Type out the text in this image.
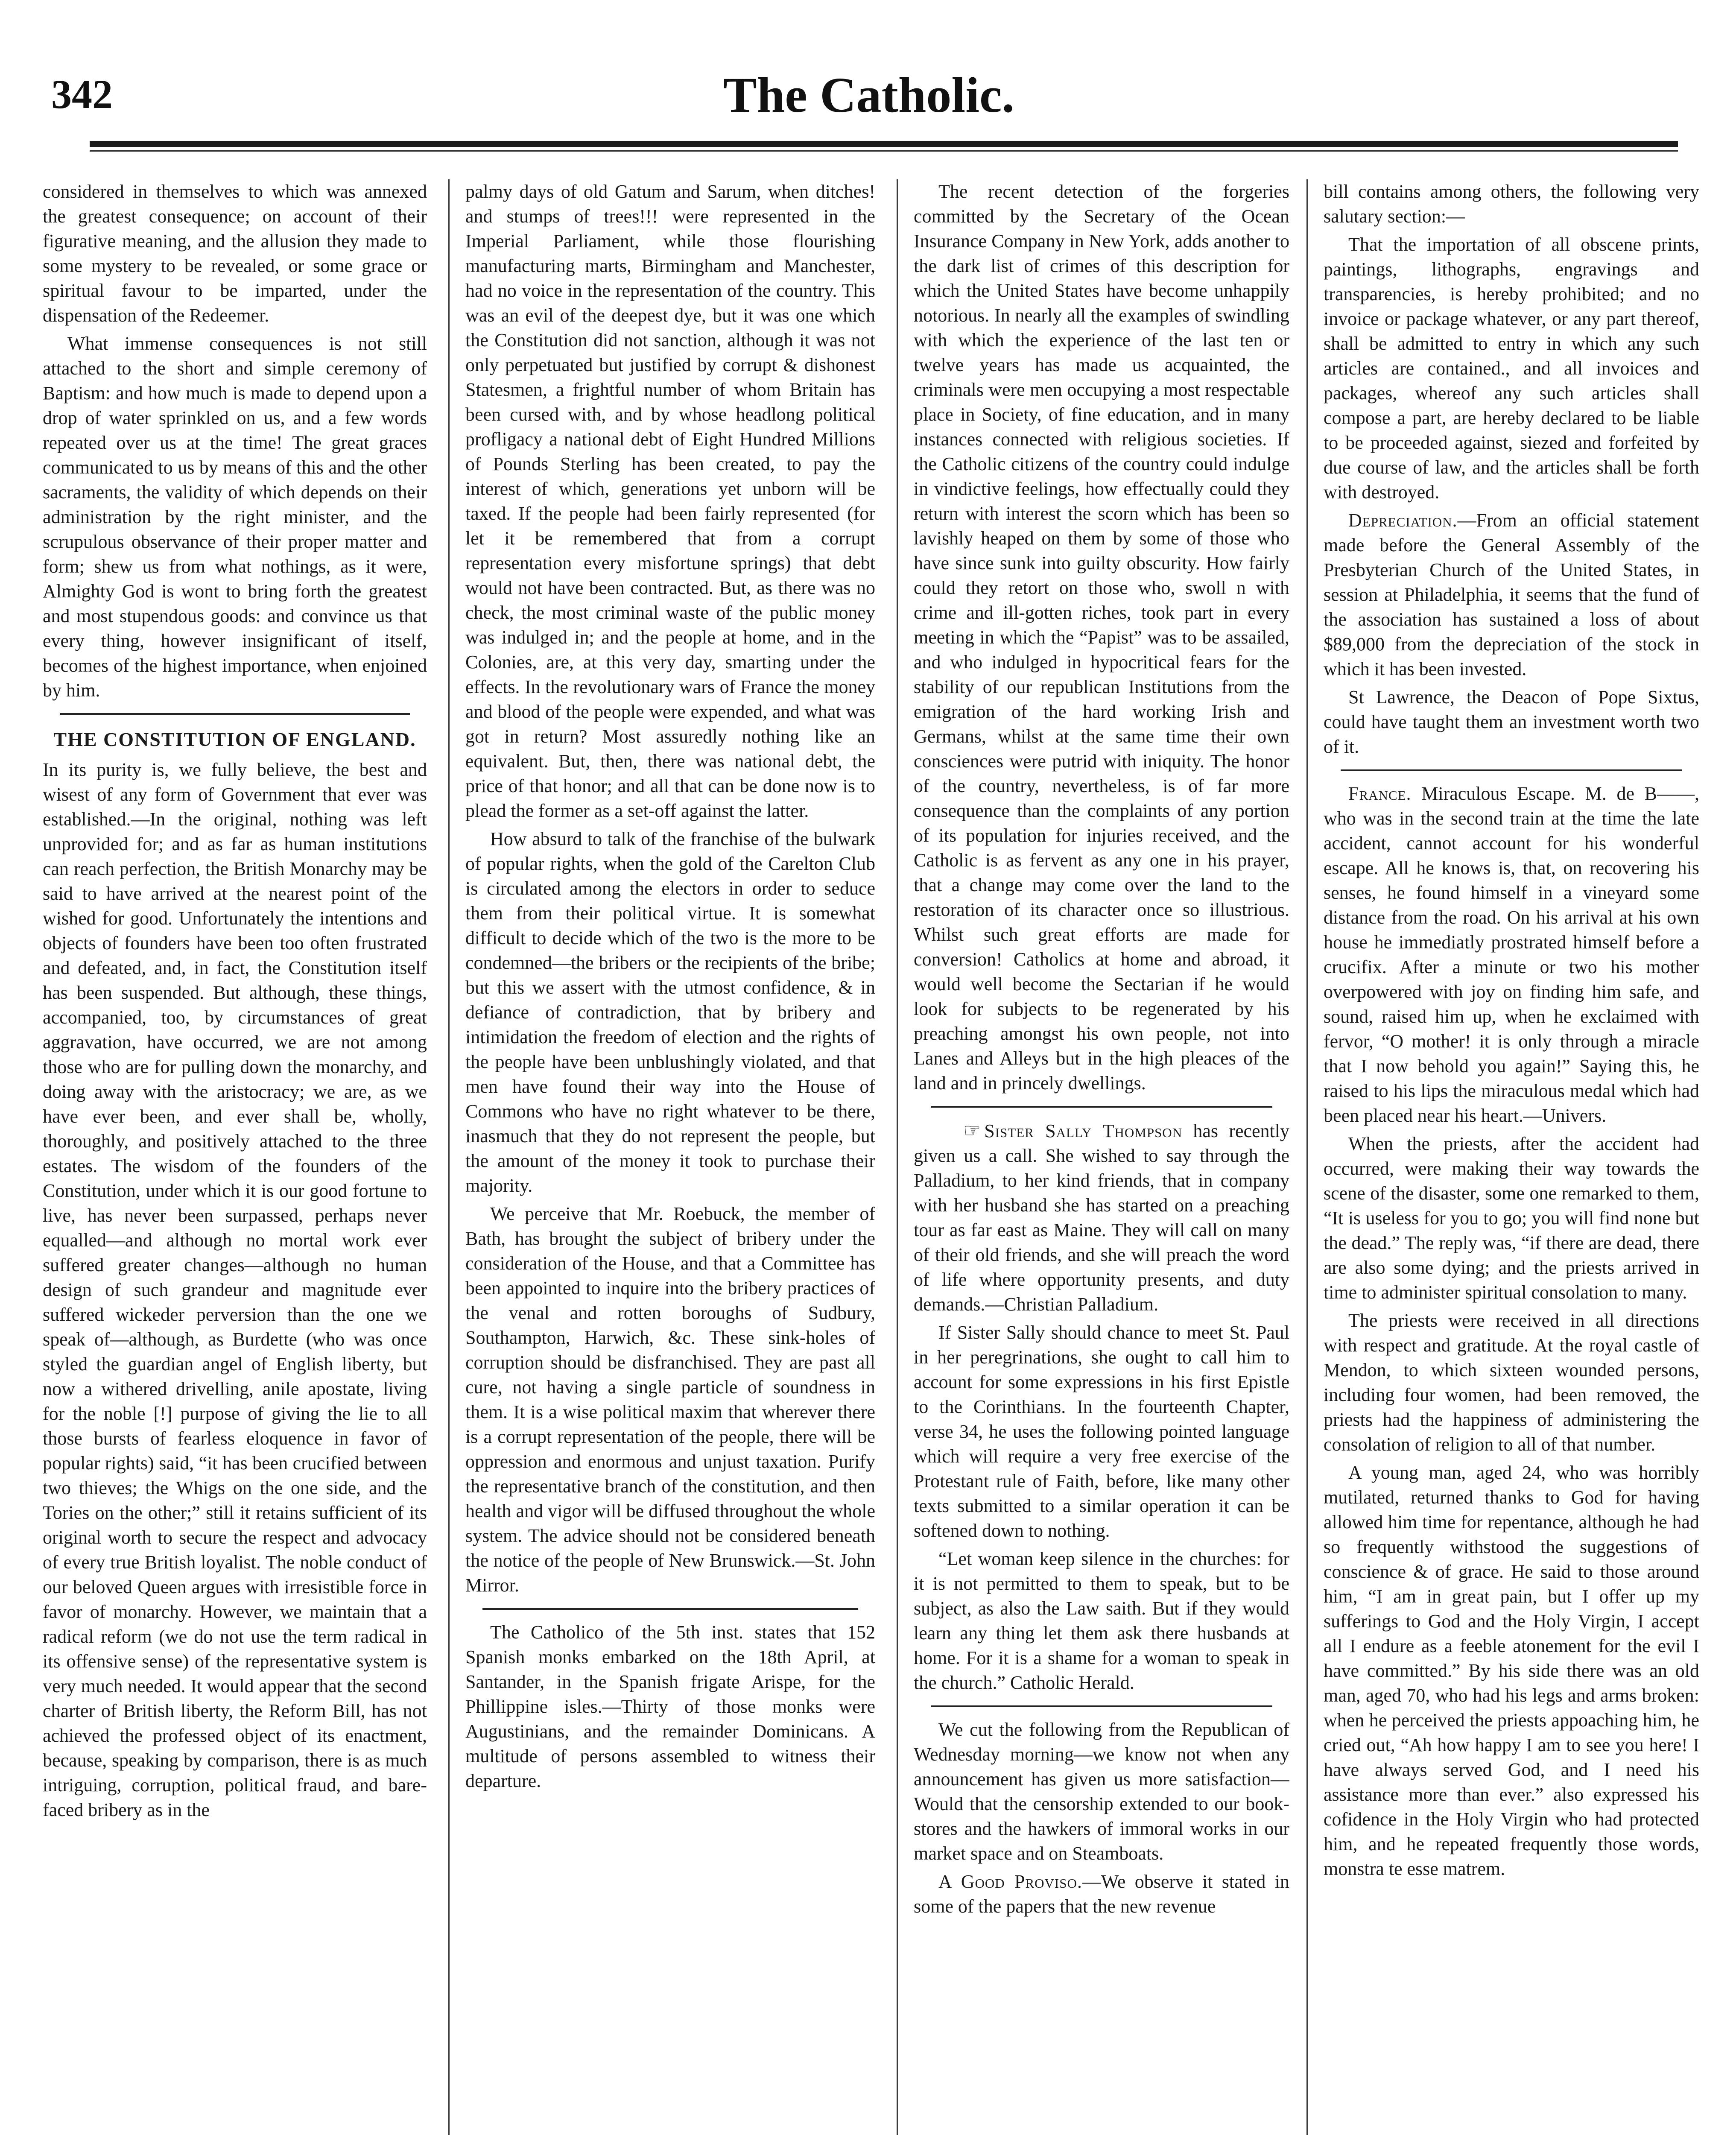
342	The Catholic.

considered in themselves to which was annexed the greatest consequence; on account of their figurative meaning, and the allusion they made to some mystery to be revealed, or some grace or spiritual favour to be imparted, under the dispensation of the Redeemer.

What immense consequences is not still attached to the short and simple ceremony of Baptism: and how much is made to depend upon a drop of water sprinkled on us, and a few words repeated over us at the time! The great graces communicated to us by means of this and the other sacraments, the validity of which depends on their administration by the right minister, and the scrupulous observance of their proper matter and form; shew us from what nothings, as it were, Almighty God is wont to bring forth the greatest and most stupendous goods: and convince us that every thing, however insignificant of itself, becomes of the highest importance, when enjoined by him.

THE CONSTITUTION OF ENGLAND.

In its purity is, we fully believe, the best and wisest of any form of Government that ever was established.—In the original, nothing was left unprovided for; and as far as human institutions can reach perfection, the British Monarchy may be said to have arrived at the nearest point of the wished for good. Unfortunately the intentions and objects of founders have been too often frustrated and defeated, and, in fact, the Constitution itself has been suspended. But although, these things, accompanied, too, by circumstances of great aggravation, have occurred, we are not among those who are for pulling down the monarchy, and doing away with the aristocracy; we are, as we have ever been, and ever shall be, wholly, thoroughly, and positively attached to the three estates. The wisdom of the founders of the Constitution, under which it is our good fortune to live, has never been surpassed, perhaps never equalled—and although no mortal work ever suffered greater changes—although no human design of such grandeur and magnitude ever suffered wickeder perversion than the one we speak of—although, as Burdette (who was once styled the guardian angel of English liberty, but now a withered drivelling, anile apostate, living for the noble [!] purpose of giving the lie to all those bursts of fearless eloquence in favor of popular rights) said, “it has been crucified between two thieves; the Whigs on the one side, and the Tories on the other;” still it retains sufficient of its original worth to secure the respect and advocacy of every true British loyalist. The noble conduct of our beloved Queen argues with irresistible force in favor of monarchy. However, we maintain that a radical reform (we do not use the term radical in its offensive sense) of the representative system is very much needed. It would appear that the second charter of British liberty, the Reform Bill, has not achieved the professed object of its enactment, because, speaking by comparison, there is as much intriguing, corruption, political fraud, and bare-faced bribery as in the

palmy days of old Gatum and Sarum, when ditches! and stumps of trees!!! were represented in the Imperial Parliament, while those flourishing manufacturing marts, Birmingham and Manchester, had no voice in the representation of the country. This was an evil of the deepest dye, but it was one which the Constitution did not sanction, although it was not only perpetuated but justified by corrupt & dishonest Statesmen, a frightful number of whom Britain has been cursed with, and by whose headlong political profligacy a national debt of Eight Hundred Millions of Pounds Sterling has been created, to pay the interest of which, generations yet unborn will be taxed. If the people had been fairly represented (for let it be remembered that from a corrupt representation every misfortune springs) that debt would not have been contracted. But, as there was no check, the most criminal waste of the public money was indulged in; and the people at home, and in the Colonies, are, at this very day, smarting under the effects. In the revolutionary wars of France the money and blood of the people were expended, and what was got in return? Most assuredly nothing like an equivalent. But, then, there was national debt, the price of that honor; and all that can be done now is to plead the former as a set-off against the latter.

How absurd to talk of the franchise of the bulwark of popular rights, when the gold of the Carelton Club is circulated among the electors in order to seduce them from their political virtue. It is somewhat difficult to decide which of the two is the more to be condemned—the bribers or the recipients of the bribe; but this we assert with the utmost confidence, & in defiance of contradiction, that by bribery and intimidation the freedom of election and the rights of the people have been unblushingly violated, and that men have found their way into the House of Commons who have no right whatever to be there, inasmuch that they do not represent the people, but the amount of the money it took to purchase their majority.

We perceive that Mr. Roebuck, the member of Bath, has brought the subject of bribery under the consideration of the House, and that a Committee has been appointed to inquire into the bribery practices of the venal and rotten boroughs of Sudbury, Southampton, Harwich, &c. These sink-holes of corruption should be disfranchised. They are past all cure, not having a single particle of soundness in them. It is a wise political maxim that wherever there is a corrupt representation of the people, there will be oppression and enormous and unjust taxation. Purify the representative branch of the constitution, and then health and vigor will be diffused throughout the whole system. The advice should not be considered beneath the notice of the people of New Brunswick.—St. John Mirror.

The Catholico of the 5th inst. states that 152 Spanish monks embarked on the 18th April, at Santander, in the Spanish frigate Arispe, for the Phillippine isles.—Thirty of those monks were Augustinians, and the remainder Dominicans. A multitude of persons assembled to witness their departure.

The recent detection of the forgeries committed by the Secretary of the Ocean Insurance Company in New York, adds another to the dark list of crimes of this description for which the United States have become unhappily notorious. In nearly all the examples of swindling with which the experience of the last ten or twelve years has made us acquainted, the criminals were men occupying a most respectable place in Society, of fine education, and in many instances connected with religious societies. If the Catholic citizens of the country could indulge in vindictive feelings, how effectually could they return with interest the scorn which has been so lavishly heaped on them by some of those who have since sunk into guilty obscurity. How fairly could they retort on those who, swoll n with crime and ill-gotten riches, took part in every meeting in which the “Papist” was to be assailed, and who indulged in hypocritical fears for the stability of our republican Institutions from the emigration of the hard working Irish and Germans, whilst at the same time their own consciences were putrid with iniquity. The honor of the country, nevertheless, is of far more consequence than the complaints of any portion of its population for injuries received, and the Catholic is as fervent as any one in his prayer, that a change may come over the land to the restoration of its character once so illustrious. Whilst such great efforts are made for conversion! Catholics at home and abroad, it would well become the Sectarian if he would look for subjects to be regenerated by his preaching amongst his own people, not into Lanes and Alleys but in the high pleaces of the land and in princely dwellings.

☞ Sister Sally Thompson has recently given us a call. She wished to say through the Palladium, to her kind friends, that in company with her husband she has started on a preaching tour as far east as Maine. They will call on many of their old friends, and she will preach the word of life where opportunity presents, and duty demands.—Christian Palladium.

If Sister Sally should chance to meet St. Paul in her peregrinations, she ought to call him to account for some expressions in his first Epistle to the Corinthians. In the fourteenth Chapter, verse 34, he uses the following pointed language which will require a very free exercise of the Protestant rule of Faith, before, like many other texts submitted to a similar operation it can be softened down to nothing.

“Let woman keep silence in the churches: for it is not permitted to them to speak, but to be subject, as also the Law saith. But if they would learn any thing let them ask there husbands at home. For it is a shame for a woman to speak in the church.” Catholic Herald.

We cut the following from the Republican of Wednesday morning—we know not when any announcement has given us more satisfaction—Would that the censorship extended to our book-stores and the hawkers of immoral works in our market space and on Steamboats.

A Good Proviso.—We observe it stated in some of the papers that the new revenue

bill contains among others, the following very salutary section:—

That the importation of all obscene prints, paintings, lithographs, engravings and transparencies, is hereby prohibited; and no invoice or package whatever, or any part thereof, shall be admitted to entry in which any such articles are contained., and all invoices and packages, whereof any such articles shall compose a part, are hereby declared to be liable to be proceeded against, siezed and forfeited by due course of law, and the articles shall be forth with destroyed.

Depreciation.—From an official statement made before the General Assembly of the Presbyterian Church of the United States, in session at Philadelphia, it seems that the fund of the association has sustained a loss of about $89,000 from the depreciation of the stock in which it has been invested.

St Lawrence, the Deacon of Pope Sixtus, could have taught them an investment worth two of it.

France. Miraculous Escape. M. de B——, who was in the second train at the time the late accident, cannot account for his wonderful escape. All he knows is, that, on recovering his senses, he found himself in a vineyard some distance from the road. On his arrival at his own house he immediatly prostrated himself before a crucifix. After a minute or two his mother overpowered with joy on finding him safe, and sound, raised him up, when he exclaimed with fervor, “O mother! it is only through a miracle that I now behold you again!” Saying this, he raised to his lips the miraculous medal which had been placed near his heart.—Univers.

When the priests, after the accident had occurred, were making their way towards the scene of the disaster, some one remarked to them, “It is useless for you to go; you will find none but the dead.” The reply was, “if there are dead, there are also some dying; and the priests arrived in time to administer spiritual consolation to many.

The priests were received in all directions with respect and gratitude. At the royal castle of Mendon, to which sixteen wounded persons, including four women, had been removed, the priests had the happiness of administering the consolation of religion to all of that number.

A young man, aged 24, who was horribly mutilated, returned thanks to God for having allowed him time for repentance, although he had so frequently withstood the suggestions of conscience & of grace. He said to those around him, “I am in great pain, but I offer up my sufferings to God and the Holy Virgin, I accept all I endure as a feeble atonement for the evil I have committed.” By his side there was an old man, aged 70, who had his legs and arms broken: when he perceived the priests appoaching him, he cried out, “Ah how happy I am to see you here! I have always served God, and I need his assistance more than ever.” also expressed his cofidence in the Holy Virgin who had protected him, and he repeated frequently those words, monstra te esse matrem.
